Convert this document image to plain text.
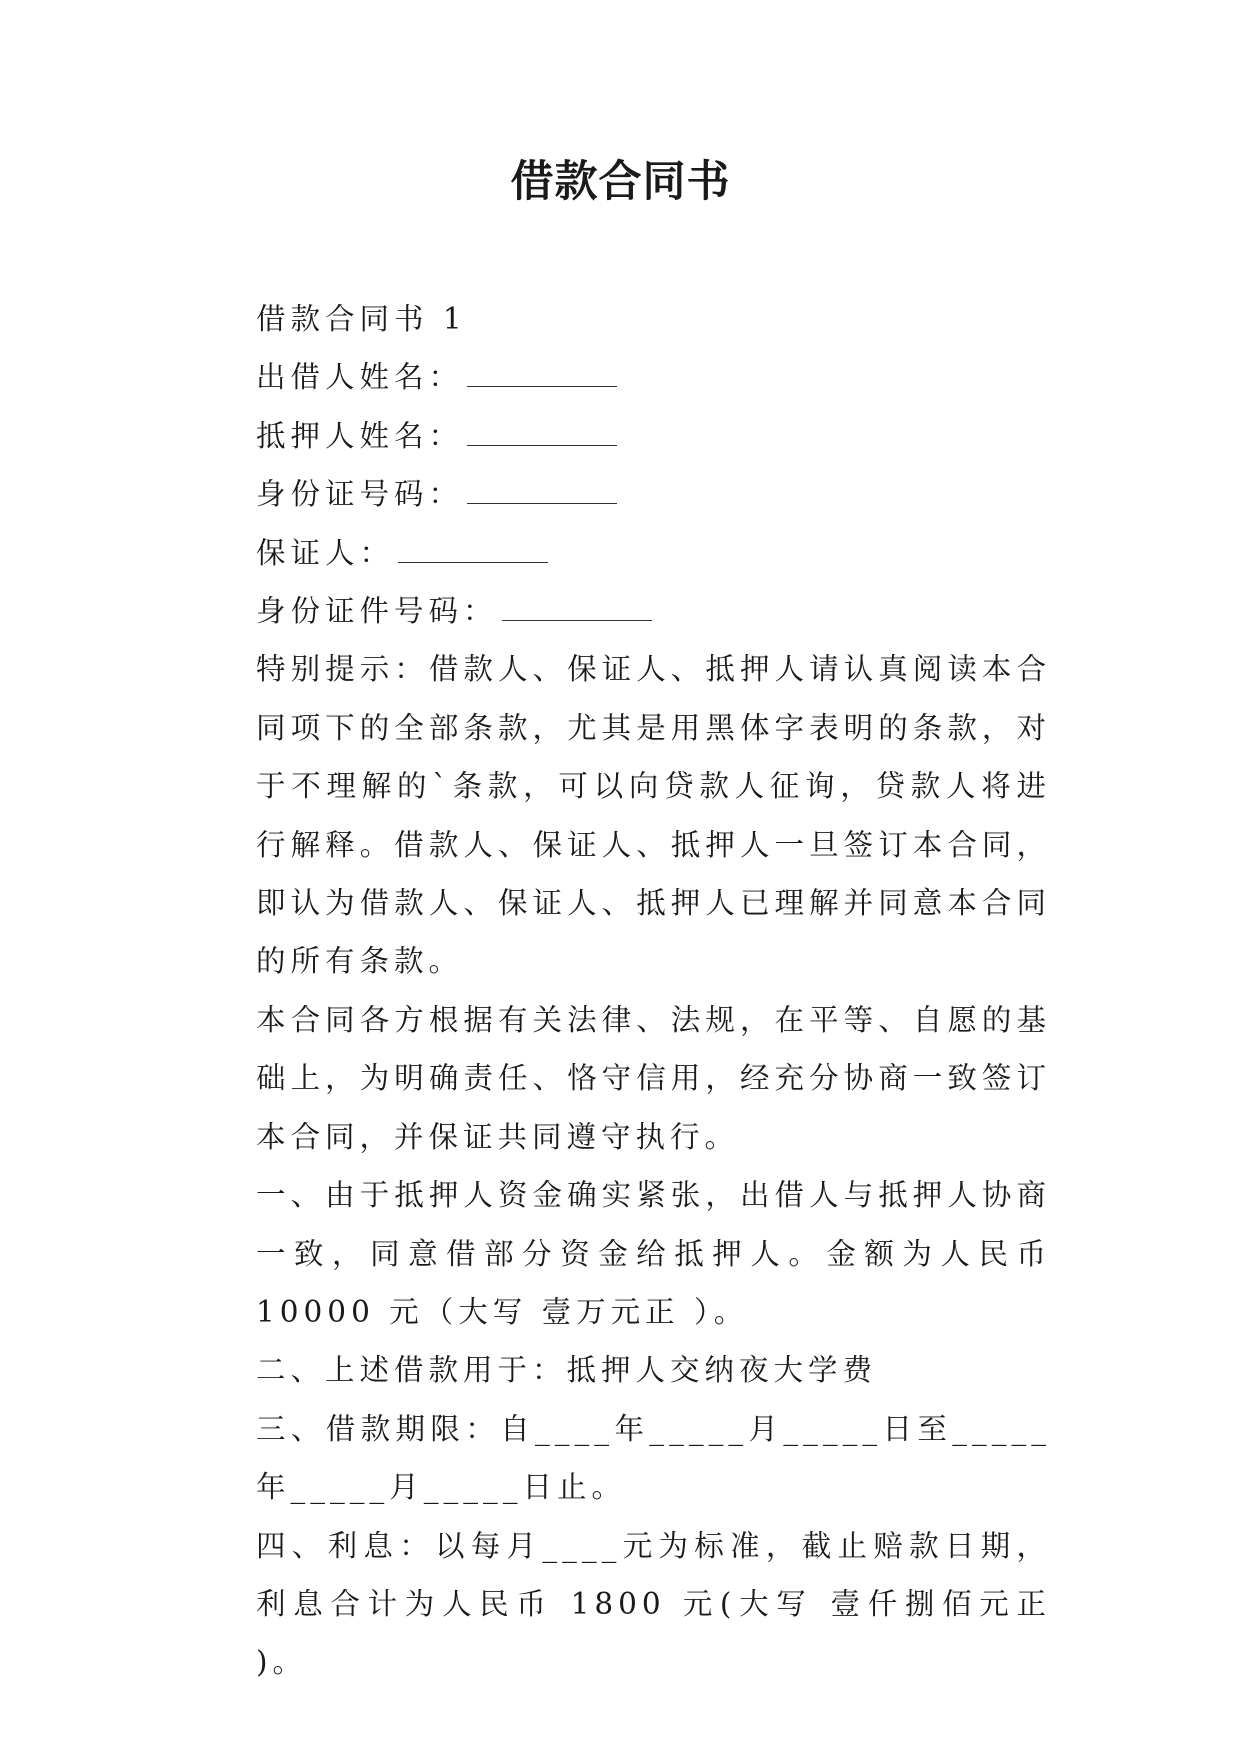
借款合同书
借款合同书 1
出借人姓名：
抵押人姓名：
身份证号码：
保证人：
身份证件号码：

特别提示：借款人、保证人、抵押人请认真阅读本合同项下的全部条款，尤其是用黑体字表明的条款，对于不理解的`条款，可以向贷款人征询，贷款人将进行解释。借款人、保证人、抵押人一旦签订本合同，即认为借款人、保证人、抵押人已理解并同意本合同的所有条款。

本合同各方根据有关法律、法规，在平等、自愿的基础上，为明确责任、恪守信用，经充分协商一致签订本合同，并保证共同遵守执行。

一、由于抵押人资金确实紧张，出借人与抵押人协商一致，同意借部分资金给抵押人。金额为人民币 10000 元（大写 壹万元正 ）。

二、上述借款用于：抵押人交纳夜大学费

三、借款期限：自____年_____月_____日至_____年_____月_____日止。

四、利息：以每月____元为标准，截止赔款日期，利息合计为人民币 1800 元(大写 壹仟捌佰元正 )。
